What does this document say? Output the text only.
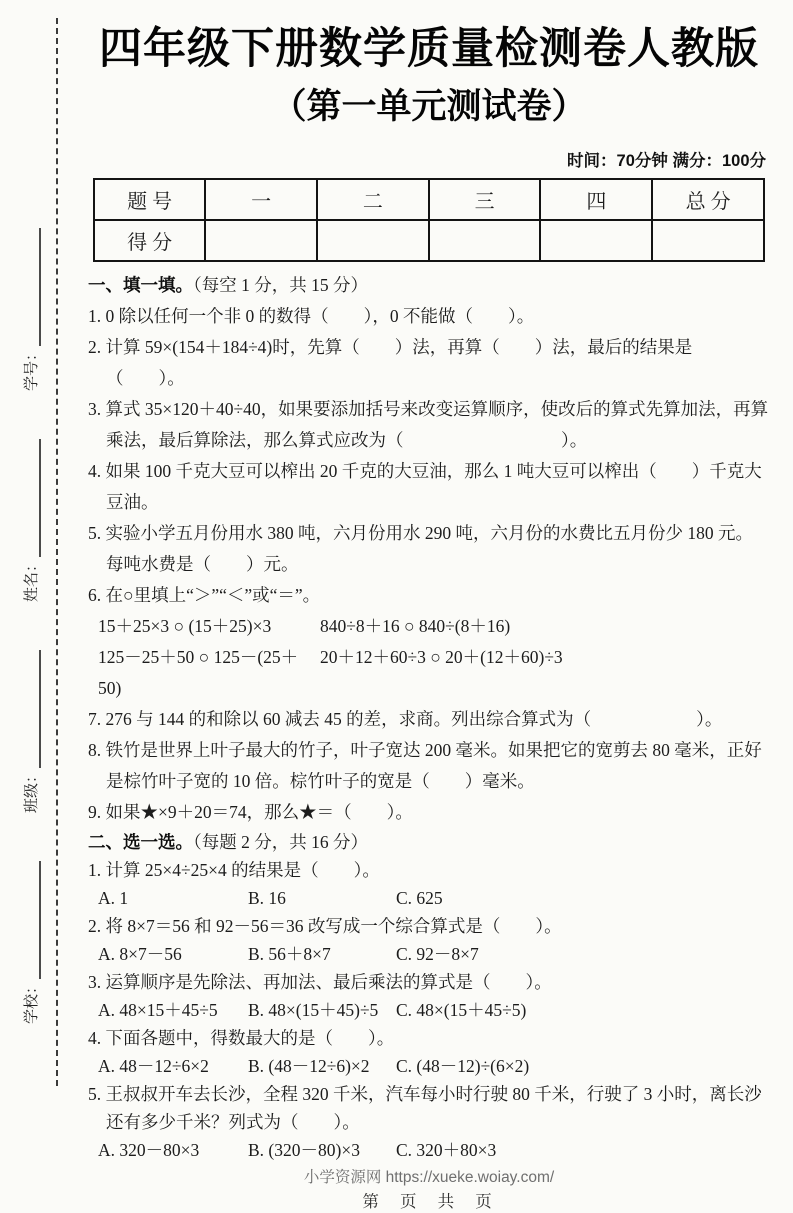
学校：
班级：
姓名：
学号：
四年级下册数学质量检测卷人教版
（第一单元测试卷）
时间：70分钟 满分：100分
题 号	一	二	三	四	总 分
得 分					

一、填一填。（每空 1 分，共 15 分）

1. 0 除以任何一个非 0 的数得（　　），0 不能做（　　）。

2. 计算 59×(154＋184÷4)时，先算（　　）法，再算（　　）法，最后的结果是（　　）。

3. 算式 35×120＋40÷40，如果要添加括号来改变运算顺序，使改后的算式先算加法，再算乘法，最后算除法，那么算式应改为（　　　　　　　　　）。

4. 如果 100 千克大豆可以榨出 20 千克的大豆油，那么 1 吨大豆可以榨出（　　）千克大豆油。

5. 实验小学五月份用水 380 吨，六月份用水 290 吨，六月份的水费比五月份少 180 元。每吨水费是（　　）元。

6. 在○里填上“＞”“＜”或“＝”。

15＋25×3 ○ (15＋25)×3	840÷8＋16 ○ 840÷(8＋16)
125－25＋50 ○ 125－(25＋50)
20＋12＋60÷3 ○ 20＋(12＋60)÷3

7. 276 与 144 的和除以 60 减去 45 的差，求商。列出综合算式为（　　　　　　）。

8. 铁竹是世界上叶子最大的竹子，叶子宽达 200 毫米。如果把它的宽剪去 80 毫米，正好是棕竹叶子宽的 10 倍。棕竹叶子的宽是（　　）毫米。

9. 如果★×9＋20＝74，那么★＝（　　）。

二、选一选。（每题 2 分，共 16 分）

1. 计算 25×4÷25×4 的结果是（　　）。

A. 1	B. 16	C. 625

2. 将 8×7＝56 和 92－56＝36 改写成一个综合算式是（　　）。

A. 8×7－56	B. 56＋8×7	C. 92－8×7

3. 运算顺序是先除法、再加法、最后乘法的算式是（　　）。

A. 48×15＋45÷5	B. 48×(15＋45)÷5	C. 48×(15＋45÷5)

4. 下面各题中，得数最大的是（　　）。

A. 48－12÷6×2	B. (48－12÷6)×2	C. (48－12)÷(6×2)

5. 王叔叔开车去长沙，全程 320 千米，汽车每小时行驶 80 千米，行驶了 3 小时，离长沙还有多少千米？列式为（　　）。

A. 320－80×3	B. (320－80)×3	C. 320＋80×3
小学资源网 https://xueke.woiay.com/
第 页 共 页
